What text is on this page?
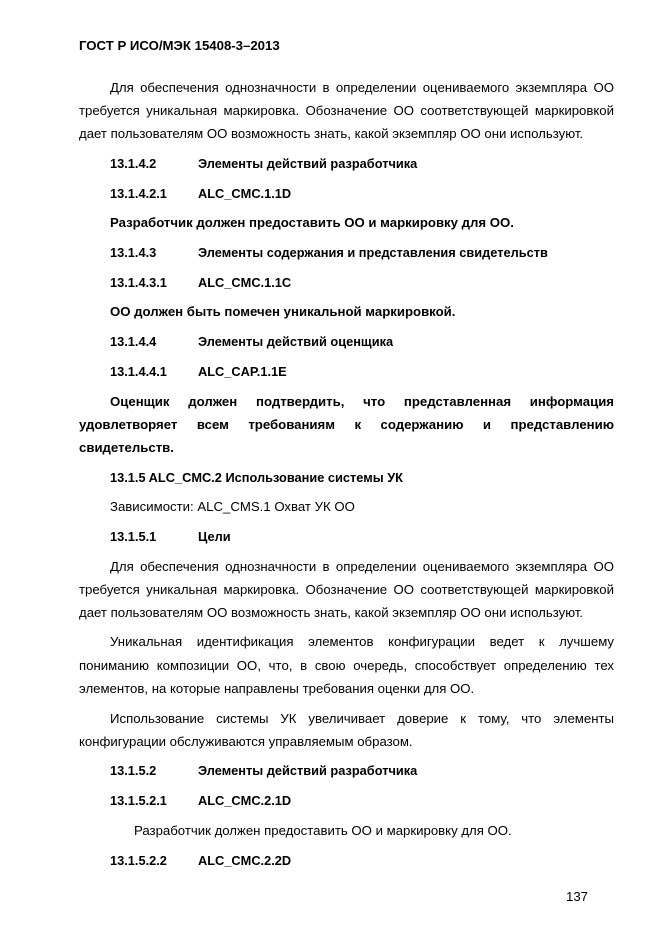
ГОСТ Р ИСО/МЭК 15408-3–2013
Для обеспечения однозначности в определении оцениваемого экземпляра ОО
требуется уникальная маркировка. Обозначение ОО соответствующей маркировкой
дает пользователям ОО возможность знать, какой экземпляр ОО они используют.
13.1.4.2	Элементы действий разработчика
13.1.4.2.1 ALC_CMC.1.1D
Разработчик должен предоставить ОО и маркировку для ОО.
13.1.4.3	Элементы содержания и представления свидетельств
13.1.4.3.1 ALC_CMC.1.1C
ОО должен быть помечен уникальной маркировкой.
13.1.4.4	Элементы действий оценщика
13.1.4.4.1 ALC_CAP.1.1E
Оценщик должен подтвердить, что представленная информация
удовлетворяет всем требованиям к содержанию и представлению
свидетельств.
13.1.5 ALC_CMC.2 Использование системы УК
Зависимости: ALC_CMS.1 Охват УК ОО
13.1.5.1	Цели
Для обеспечения однозначности в определении оцениваемого экземпляра ОО
требуется уникальная маркировка. Обозначение ОО соответствующей маркировкой
дает пользователям ОО возможность знать, какой экземпляр ОО они используют.
Уникальная идентификация элементов конфигурации ведет к лучшему
пониманию композиции ОО, что, в свою очередь, способствует определению тех
элементов, на которые направлены требования оценки для ОО.
Использование системы УК увеличивает доверие к тому, что элементы
конфигурации обслуживаются управляемым образом.
13.1.5.2	Элементы действий разработчика
13.1.5.2.1 ALC_CMC.2.1D
Разработчик должен предоставить ОО и маркировку для ОО.
13.1.5.2.2 ALC_CMC.2.2D
137
